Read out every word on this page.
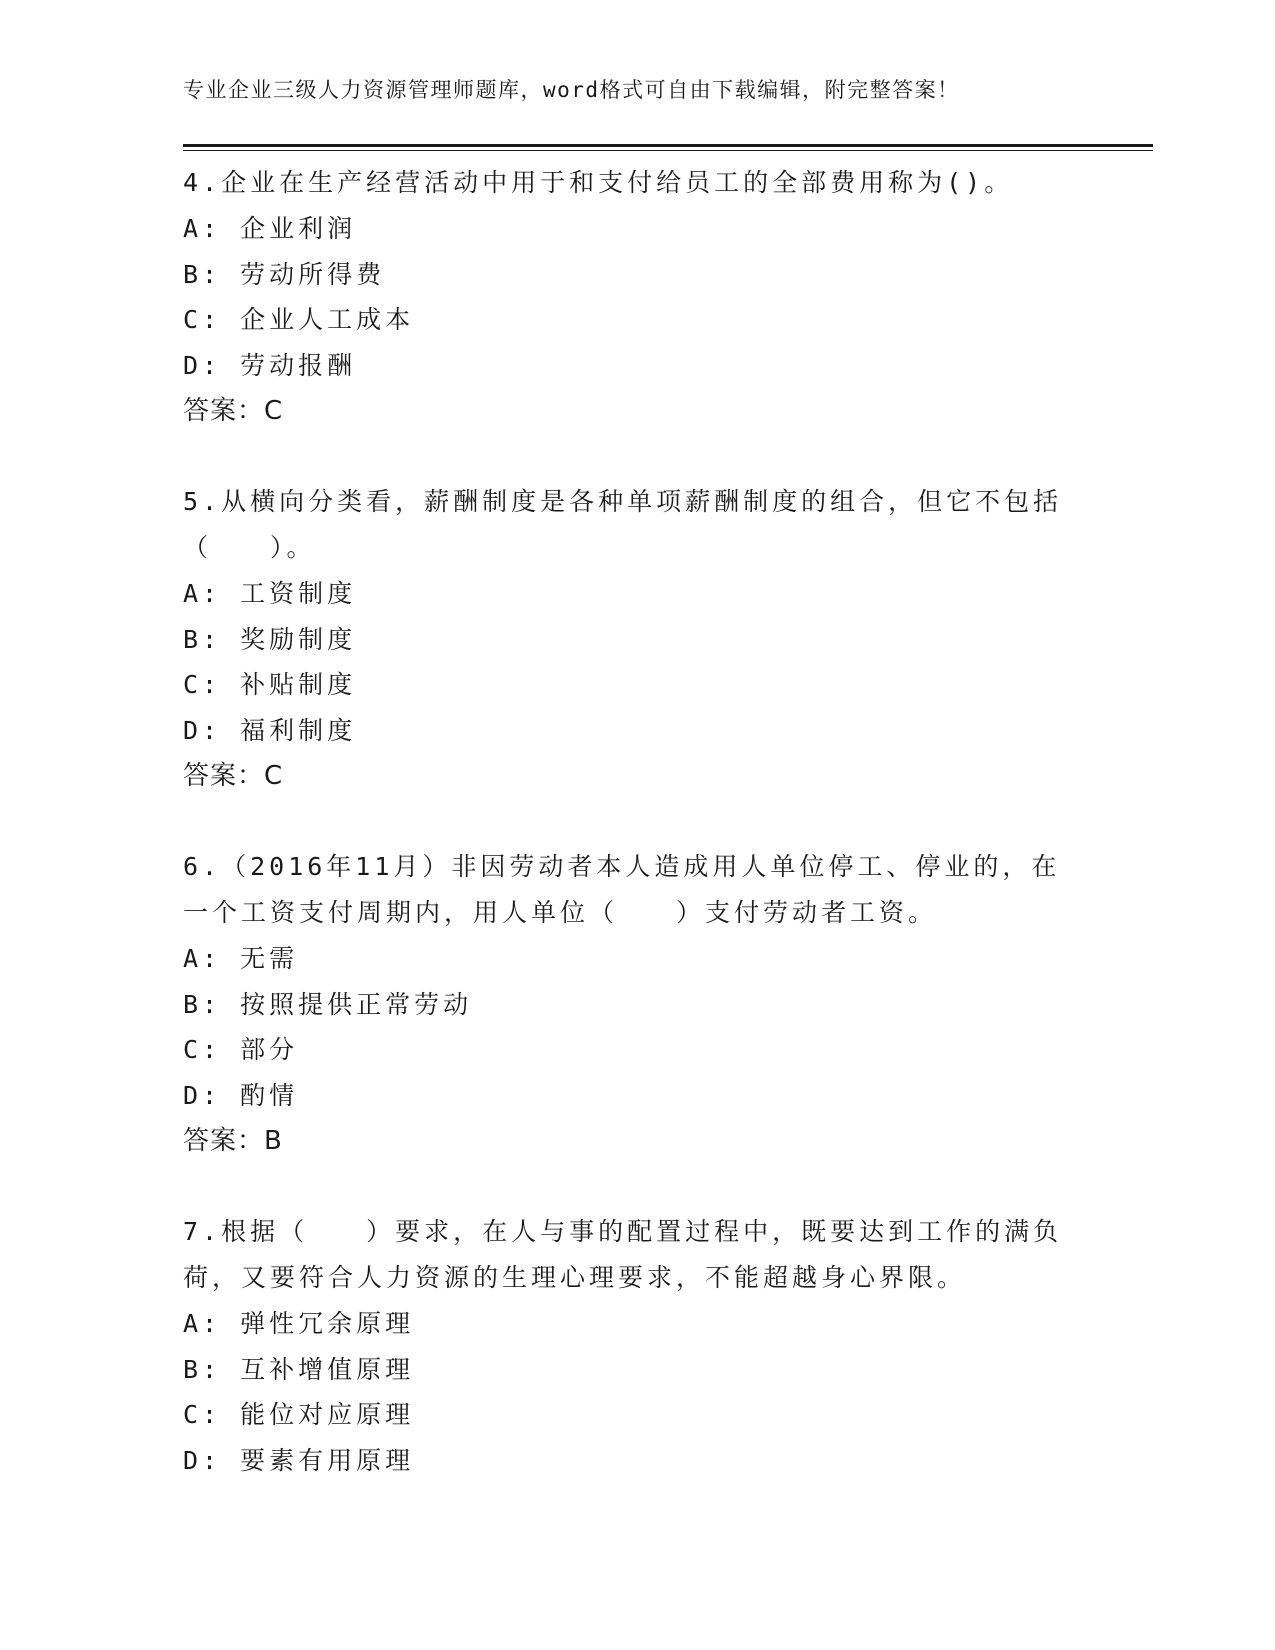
专业企业三级人力资源管理师题库，word格式可自由下载编辑，附完整答案！

4.企业在生产经营活动中用于和支付给员工的全部费用称为()。

A: 企业利润
B: 劳动所得费
C: 企业人工成本
D: 劳动报酬
答案：C

5.从横向分类看，薪酬制度是各种单项薪酬制度的组合，但它不包括（　　）。

A: 工资制度
B: 奖励制度
C: 补贴制度
D: 福利制度
答案：C

6.（2016年11月）非因劳动者本人造成用人单位停工、停业的，在一个工资支付周期内，用人单位（　　）支付劳动者工资。

A: 无需
B: 按照提供正常劳动
C: 部分
D: 酌情
答案：B

7.根据（　　）要求，在人与事的配置过程中，既要达到工作的满负荷，又要符合人力资源的生理心理要求，不能超越身心界限。

A: 弹性冗余原理
B: 互补增值原理
C: 能位对应原理
D: 要素有用原理
